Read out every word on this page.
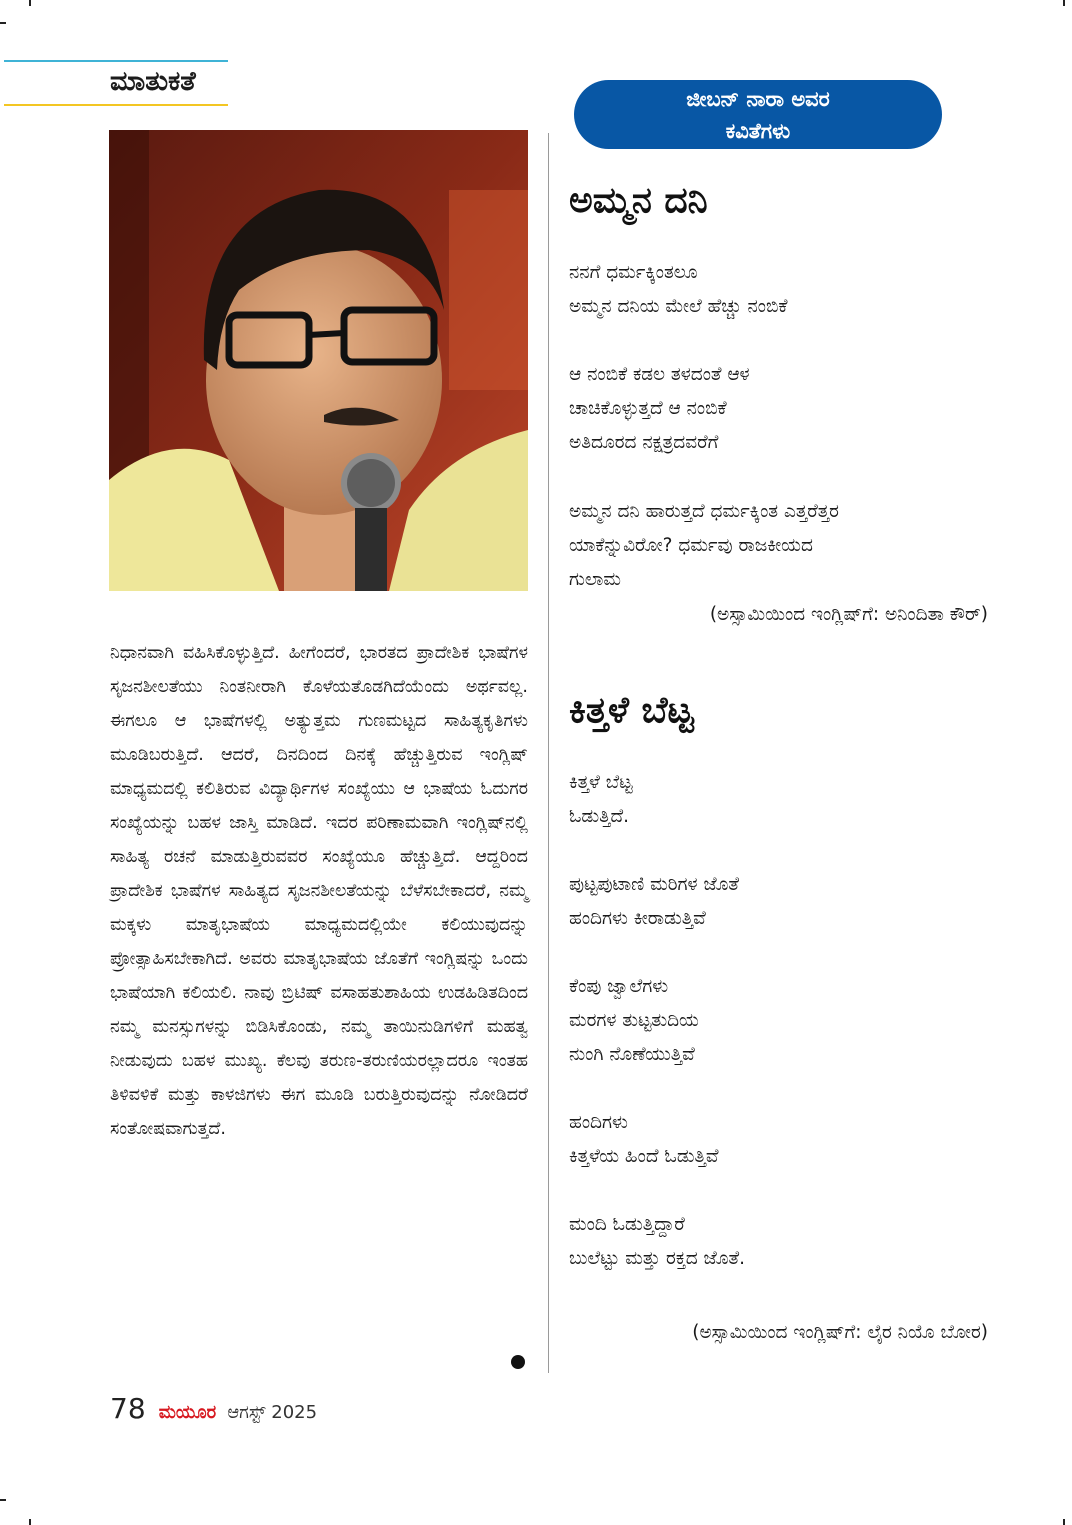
ಮಾತುಕತೆ

ನಿಧಾನವಾಗಿ ವಹಿಸಿಕೊಳ್ಳುತ್ತಿದೆ. ಹೀಗೆಂದರೆ, ಭಾರತದ ಪ್ರಾದೇಶಿಕ ಭಾಷೆಗಳ ಸೃಜನಶೀಲತೆಯು ನಿಂತನೀರಾಗಿ ಕೊಳೆಯತೊಡಗಿದೆಯೆಂದು ಅರ್ಥವಲ್ಲ. ಈಗಲೂ ಆ ಭಾಷೆಗಳಲ್ಲಿ ಅತ್ಯುತ್ತಮ ಗುಣಮಟ್ಟದ ಸಾಹಿತ್ಯಕೃತಿಗಳು ಮೂಡಿಬರುತ್ತಿದೆ. ಆದರೆ, ದಿನದಿಂದ ದಿನಕ್ಕೆ ಹೆಚ್ಚುತ್ತಿರುವ ಇಂಗ್ಲಿಷ್ ಮಾಧ್ಯಮದಲ್ಲಿ ಕಲಿತಿರುವ ವಿದ್ಯಾರ್ಥಿಗಳ ಸಂಖ್ಯೆಯು ಆ ಭಾಷೆಯ ಓದುಗರ ಸಂಖ್ಯೆಯನ್ನು ಬಹಳ ಜಾಸ್ತಿ ಮಾಡಿದೆ. ಇದರ ಪರಿಣಾಮವಾಗಿ ಇಂಗ್ಲಿಷ್‌ನಲ್ಲಿ ಸಾಹಿತ್ಯ ರಚನೆ ಮಾಡುತ್ತಿರುವವರ ಸಂಖ್ಯೆಯೂ ಹೆಚ್ಚುತ್ತಿದೆ. ಆದ್ದರಿಂದ ಪ್ರಾದೇಶಿಕ ಭಾಷೆಗಳ ಸಾಹಿತ್ಯದ ಸೃಜನಶೀಲತೆಯನ್ನು ಬೆಳೆಸಬೇಕಾದರೆ, ನಮ್ಮ ಮಕ್ಕಳು ಮಾತೃಭಾಷೆಯ ಮಾಧ್ಯಮದಲ್ಲಿಯೇ ಕಲಿಯುವುದನ್ನು ಪ್ರೋತ್ಸಾಹಿಸಬೇಕಾಗಿದೆ. ಅವರು ಮಾತೃಭಾಷೆಯ ಜೊತೆಗೆ ಇಂಗ್ಲಿಷನ್ನು ಒಂದು ಭಾಷೆಯಾಗಿ ಕಲಿಯಲಿ. ನಾವು ಬ್ರಿಟಿಷ್ ವಸಾಹತುಶಾಹಿಯ ಉಡಹಿಡಿತದಿಂದ ನಮ್ಮ ಮನಸ್ಸುಗಳನ್ನು ಬಿಡಿಸಿಕೊಂಡು, ನಮ್ಮ ತಾಯಿನುಡಿಗಳಿಗೆ ಮಹತ್ವ ನೀಡುವುದು ಬಹಳ ಮುಖ್ಯ. ಕೆಲವು ತರುಣ-ತರುಣಿಯರಲ್ಲಾದರೂ ಇಂತಹ ತಿಳಿವಳಿಕೆ ಮತ್ತು ಕಾಳಜಿಗಳು ಈಗ ಮೂಡಿ ಬರುತ್ತಿರುವುದನ್ನು ನೋಡಿದರೆ ಸಂತೋಷವಾಗುತ್ತದೆ.

ಜೀಬನ್ ನಾರಾ ಅವರ
ಕವಿತೆಗಳು
ಅಮ್ಮನ ದನಿ

ನನಗೆ ಧರ್ಮಕ್ಕಿಂತಲೂ

ಅಮ್ಮನ ದನಿಯ ಮೇಲೆ ಹೆಚ್ಚು ನಂಬಿಕೆ

ಆ ನಂಬಿಕೆ ಕಡಲ ತಳದಂತೆ ಆಳ

ಚಾಚಿಕೊಳ್ಳುತ್ತದೆ ಆ ನಂಬಿಕೆ

ಅತಿದೂರದ ನಕ್ಷತ್ರದವರೆಗೆ

ಅಮ್ಮನ ದನಿ ಹಾರುತ್ತದೆ ಧರ್ಮಕ್ಕಿಂತ ಎತ್ತರೆತ್ತರ

ಯಾಕೆನ್ನುವಿರೋ? ಧರ್ಮವು ರಾಜಕೀಯದ

ಗುಲಾಮ

(ಅಸ್ಸಾಮಿಯಿಂದ ಇಂಗ್ಲಿಷ್‌ಗೆ: ಅನಿಂದಿತಾ ಕೌರ್)

ಕಿತ್ತಳೆ ಬೆಟ್ಟ

ಕಿತ್ತಳೆ ಬೆಟ್ಟ

ಓಡುತ್ತಿದೆ.

ಪುಟ್ಟಪುಟಾಣಿ ಮರಿಗಳ ಜೊತೆ

ಹಂದಿಗಳು ಕೀರಾಡುತ್ತಿವೆ

ಕೆಂಪು ಜ್ವಾಲೆಗಳು

ಮರಗಳ ತುಟ್ಟತುದಿಯ

ನುಂಗಿ ನೊಣೆಯುತ್ತಿವೆ

ಹಂದಿಗಳು

ಕಿತ್ತಳೆಯ ಹಿಂದೆ ಓಡುತ್ತಿವೆ

ಮಂದಿ ಓಡುತ್ತಿದ್ದಾರೆ

ಬುಲೆಟ್ಟು ಮತ್ತು ರಕ್ತದ ಜೊತೆ.

(ಅಸ್ಸಾಮಿಯಿಂದ ಇಂಗ್ಲಿಷ್‌ಗೆ: ಲೈರ ನಿಯೊ ಬೋರ)

78 ಮಯೂರ ಆಗಸ್ಟ್ 2025
